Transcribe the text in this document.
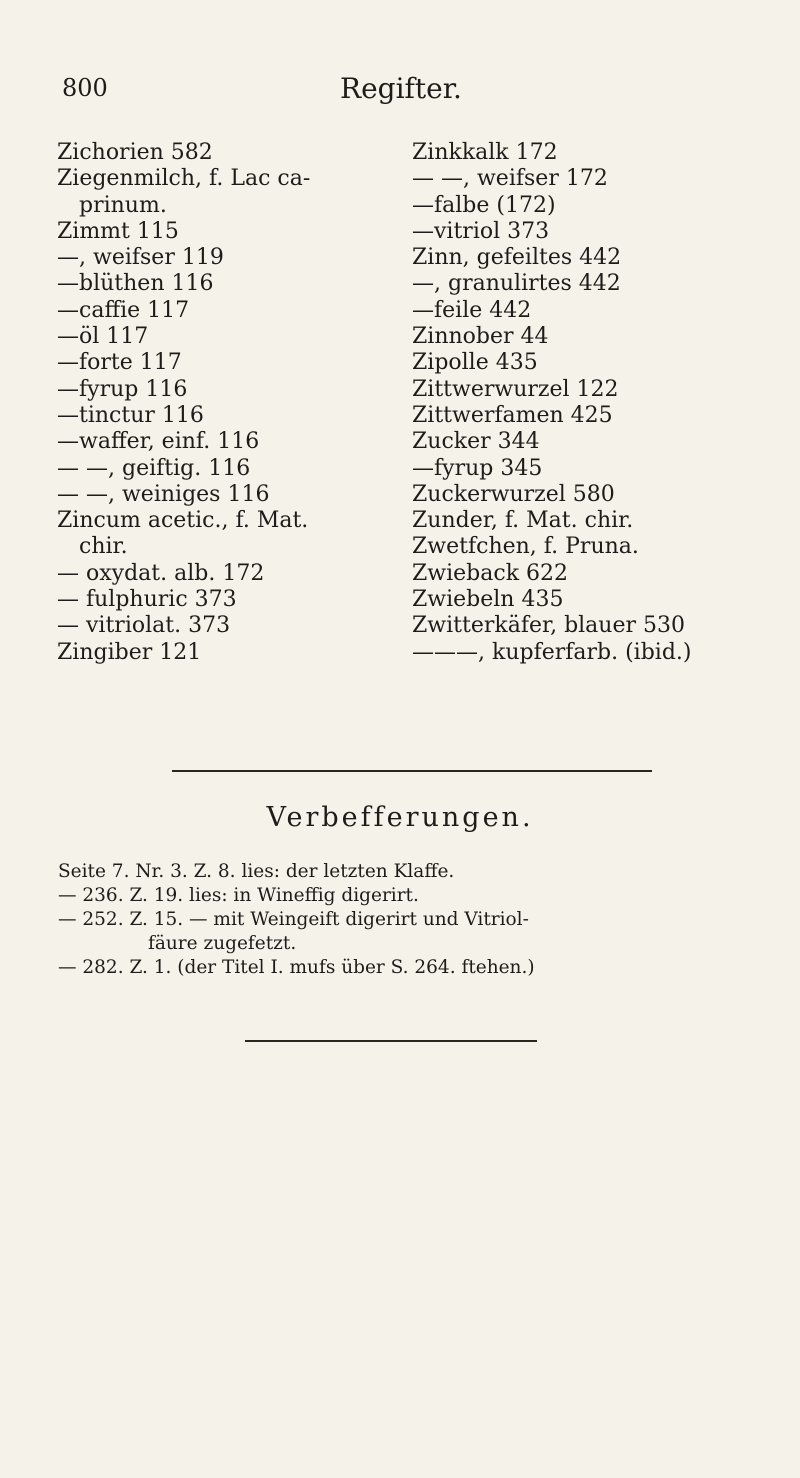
800	Regifter.
Zichorien 582
Ziegenmilch, f. Lac ca-
prinum.
Zimmt 115
—, weifser 119
—blüthen 116
—caffie 117
—öl 117
—forte 117
—fyrup 116
—tinctur 116
—waffer, einf. 116
— —, geiftig. 116
— —, weiniges 116
Zincum acetic., f. Mat.
chir.
— oxydat. alb. 172
— fulphuric 373
— vitriolat. 373
Zingiber 121
Zinkkalk 172
— —, weifser 172
—falbe (172)
—vitriol 373
Zinn, gefeiltes 442
—, granulirtes 442
—feile 442
Zinnober 44
Zipolle 435
Zittwerwurzel 122
Zittwerfamen 425
Zucker 344
—fyrup 345
Zuckerwurzel 580
Zunder, f. Mat. chir.
Zwetfchen, f. Pruna.
Zwieback 622
Zwiebeln 435
Zwitterkäfer, blauer 530
———, kupferfarb. (ibid.)
Verbefferungen.
Seite 7. Nr. 3. Z. 8. lies: der letzten Klaffe.
— 236. Z. 19. lies: in Wineffig digerirt.
— 252. Z. 15. — mit Weingeift digerirt und Vitriol-
fäure zugefetzt.
— 282. Z. 1. (der Titel I. mufs über S. 264. ftehen.)
